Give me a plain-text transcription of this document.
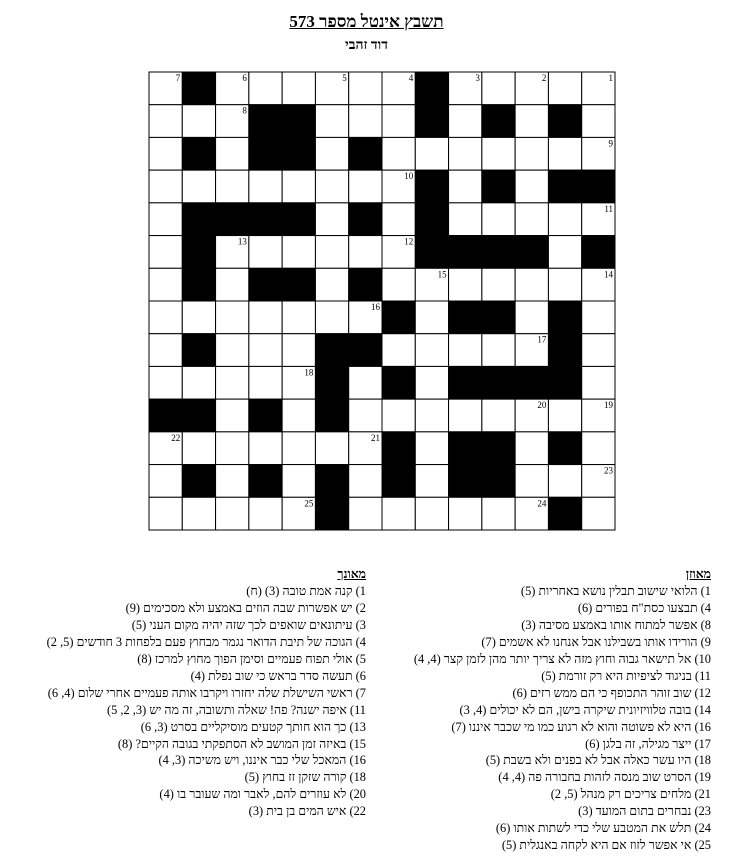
תשבץ אינטל מספר 573
דוד זהבי
1
2
3
4
5
6
7
8
9
10
11
12
13
14
15
16
17
18
19
20
21
22
23
24
25
מאוזן
1) הלואי שישוב תבלין נושא באחריות (5)
4) תבצעו כסת"ח בפורים (6)
8) אפשר למתוח אותו באמצע מסיבה (3)
9) הורידו אותו בשבילנו אבל אנחנו לא אשמים (7)
10) אל תישאר גבוה וחוץ מזה לא צריך יותר מהן לזמן קצר (4, 4)
11) בניגוד לציפיות היא רק זורמת (5)
12) שוב זוהר התכופף כי הם ממש רזים (6)
14) בובה טלוויזיונית שיקרה בישן, הם לא יכולים (4, 3)
16) היא לא פשוטה והוא לא רגוע כמו מי שכבר איננו (7)
17) ייצר מגילה, זה בלגן (6)
18) היו עשר כאלה אבל לא בפנים ולא בשבת (5)
19) הסרט שוב מנסה לזהות בחבורה פה (4, 4)
21) מלחים צריכים רק מנהל (5, 2)
23) נבחרים בתום המועד (3)
24) תלש את המטבע שלי כדי לשתות אותו (6)
25) אי אפשר לזוז אם היא לקחה באנגלית (5)
מאונך
1) קנה אמת טובה (3) (ח)
2) יש אפשרות שבה הוזים באמצע ולא מסכימים (9)
3) עיתונאים שואפים לכך שזה יהיה מקום העני (5)
4) הגוכה של תיבת הדואר נגמר מבחוץ פעם בלפחות 3 חודשים (5, 2)
5) אולי תפוח פעמיים וסימן הפוך מחוץ למרכז (8)
6) תעשה סדר בראש כי שוב נפלת (4)
7) ראשי השישלת שלה יחזרו ויקרבו אותה פעמיים אחרי שלום (4, 6)
11) איפה ישנה? פה! שאלה ותשובה, זה מה יש (3, 2, 5)
13) כך הוא חותך קטעים מוסיקליים בסרט (3, 6)
15) באיזה זמן המושב לא הסתפקתי בגובה הקיים? (8)
16) המאכל שלי כבר איננו, ויש משיכה (3, 4)
18) קורה שזקן זז בחוץ (5)
20) לא עוזרים להם, לאבר ומה שעובר בו (4)
22) איש המים בן בית (3)
